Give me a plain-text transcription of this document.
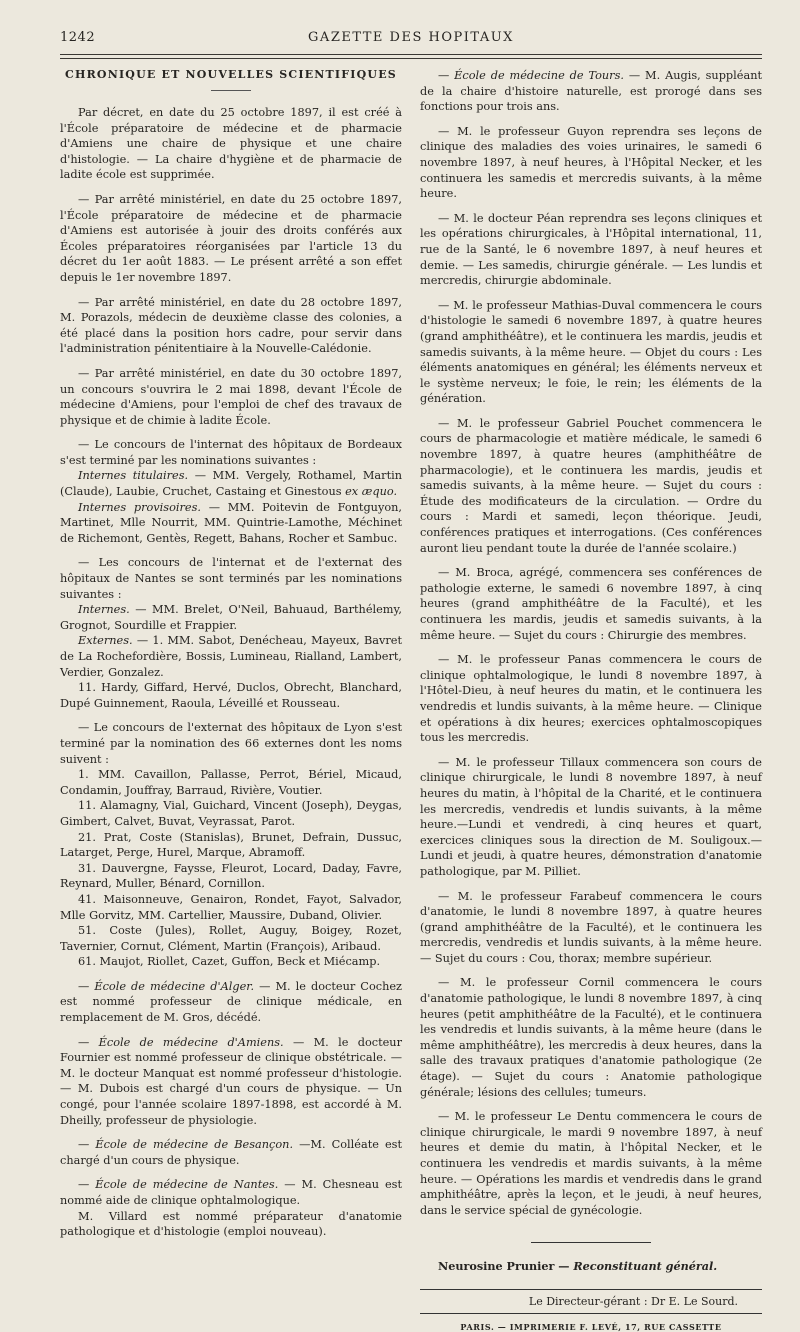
1242	GAZETTE DES HOPITAUX
CHRONIQUE ET NOUVELLES SCIENTIFIQUES

Par décret, en date du 25 octobre 1897, il est créé à l'École préparatoire de médecine et de pharmacie d'Amiens une chaire de physique et une chaire d'histologie. — La chaire d'hygiène et de pharmacie de ladite école est supprimée.

— Par arrêté ministériel, en date du 25 octobre 1897, l'École préparatoire de médecine et de pharmacie d'Amiens est autorisée à jouir des droits conférés aux Écoles préparatoires réorganisées par l'article 13 du décret du 1er août 1883. — Le présent arrêté a son effet depuis le 1er novembre 1897.

— Par arrêté ministériel, en date du 28 octobre 1897, M. Porazols, médecin de deuxième classe des colonies, a été placé dans la position hors cadre, pour servir dans l'administration pénitentiaire à la Nouvelle-Calédonie.

— Par arrêté ministériel, en date du 30 octobre 1897, un concours s'ouvrira le 2 mai 1898, devant l'École de médecine d'Amiens, pour l'emploi de chef des travaux de physique et de chimie à ladite École.

— Le concours de l'internat des hôpitaux de Bordeaux s'est terminé par les nominations suivantes :

Internes titulaires. — MM. Vergely, Rothamel, Martin (Claude), Laubie, Cruchet, Castaing et Ginestous ex æquo.

Internes provisoires. — MM. Poitevin de Fontguyon, Martinet, Mlle Nourrit, MM. Quintrie-Lamothe, Méchinet de Richemont, Gentès, Regett, Bahans, Rocher et Sambuc.

— Les concours de l'internat et de l'externat des hôpitaux de Nantes se sont terminés par les nominations suivantes :

Internes. — MM. Brelet, O'Neil, Bahuaud, Barthélemy, Grognot, Sourdille et Frappier.

Externes. — 1. MM. Sabot, Denécheau, Mayeux, Bavret de La Rochefordière, Bossis, Lumineau, Rialland, Lambert, Verdier, Gonzalez.

11. Hardy, Giffard, Hervé, Duclos, Obrecht, Blanchard, Dupé Guinnement, Raoula, Léveillé et Rousseau.

— Le concours de l'externat des hôpitaux de Lyon s'est terminé par la nomination des 66 externes dont les noms suivent :

1. MM. Cavaillon, Pallasse, Perrot, Bériel, Micaud, Condamin, Jouffray, Barraud, Rivière, Voutier.

11. Alamagny, Vial, Guichard, Vincent (Joseph), Deygas, Gimbert, Calvet, Buvat, Veyrassat, Parot.

21. Prat, Coste (Stanislas), Brunet, Defrain, Dussuc, Latarget, Perge, Hurel, Marque, Abramoff.

31. Dauvergne, Faysse, Fleurot, Locard, Daday, Favre, Reynard, Muller, Bénard, Cornillon.

41. Maisonneuve, Genairon, Rondet, Fayot, Salvador, Mlle Gorvitz, MM. Cartellier, Maussire, Duband, Olivier.

51. Coste (Jules), Rollet, Auguy, Boigey, Rozet, Tavernier, Cornut, Clément, Martin (François), Aribaud.

61. Maujot, Riollet, Cazet, Guffon, Beck et Miécamp.

— École de médecine d'Alger. — M. le docteur Cochez est nommé professeur de clinique médicale, en remplacement de M. Gros, décédé.

— École de médecine d'Amiens. — M. le docteur Fournier est nommé professeur de clinique obstétricale. — M. le docteur Manquat est nommé professeur d'histologie. — M. Dubois est chargé d'un cours de physique. — Un congé, pour l'année scolaire 1897-1898, est accordé à M. Dheilly, professeur de physiologie.

— École de médecine de Besançon. —M. Colléate est chargé d'un cours de physique.

— École de médecine de Nantes. — M. Chesneau est nommé aide de clinique ophtalmologique.

M. Villard est nommé préparateur d'anatomie pathologique et d'histologie (emploi nouveau).

— École de médecine de Tours. — M. Augis, suppléant de la chaire d'histoire naturelle, est prorogé dans ses fonctions pour trois ans.

— M. le professeur Guyon reprendra ses leçons de clinique des maladies des voies urinaires, le samedi 6 novembre 1897, à neuf heures, à l'Hôpital Necker, et les continuera les samedis et mercredis suivants, à la même heure.

— M. le docteur Péan reprendra ses leçons cliniques et les opérations chirurgicales, à l'Hôpital international, 11, rue de la Santé, le 6 novembre 1897, à neuf heures et demie. — Les samedis, chirurgie générale. — Les lundis et mercredis, chirurgie abdominale.

— M. le professeur Mathias-Duval commencera le cours d'histologie le samedi 6 novembre 1897, à quatre heures (grand amphithéâtre), et le continuera les mardis, jeudis et samedis suivants, à la même heure. — Objet du cours : Les éléments anatomiques en général; les éléments nerveux et le système nerveux; le foie, le rein; les éléments de la génération.

— M. le professeur Gabriel Pouchet commencera le cours de pharmacologie et matière médicale, le samedi 6 novembre 1897, à quatre heures (amphithéâtre de pharmacologie), et le continuera les mardis, jeudis et samedis suivants, à la même heure. — Sujet du cours : Étude des modificateurs de la circulation. — Ordre du cours : Mardi et samedi, leçon théorique. Jeudi, conférences pratiques et interrogations. (Ces conférences auront lieu pendant toute la durée de l'année scolaire.)

— M. Broca, agrégé, commencera ses conférences de pathologie externe, le samedi 6 novembre 1897, à cinq heures (grand amphithéâtre de la Faculté), et les continuera les mardis, jeudis et samedis suivants, à la même heure. — Sujet du cours : Chirurgie des membres.

— M. le professeur Panas commencera le cours de clinique ophtalmologique, le lundi 8 novembre 1897, à l'Hôtel-Dieu, à neuf heures du matin, et le continuera les vendredis et lundis suivants, à la même heure. — Clinique et opérations à dix heures; exercices ophtalmoscopiques tous les mercredis.

— M. le professeur Tillaux commencera son cours de clinique chirurgicale, le lundi 8 novembre 1897, à neuf heures du matin, à l'hôpital de la Charité, et le continuera les mercredis, vendredis et lundis suivants, à la même heure.—Lundi et vendredi, à cinq heures et quart, exercices cliniques sous la direction de M. Souligoux.— Lundi et jeudi, à quatre heures, démonstration d'anatomie pathologique, par M. Pilliet.

— M. le professeur Farabeuf commencera le cours d'anatomie, le lundi 8 novembre 1897, à quatre heures (grand amphithéâtre de la Faculté), et le continuera les mercredis, vendredis et lundis suivants, à la même heure. — Sujet du cours : Cou, thorax; membre supérieur.

— M. le professeur Cornil commencera le cours d'anatomie pathologique, le lundi 8 novembre 1897, à cinq heures (petit amphithéâtre de la Faculté), et le continuera les vendredis et lundis suivants, à la même heure (dans le même amphithéâtre), les mercredis à deux heures, dans la salle des travaux pratiques d'anatomie pathologique (2e étage). — Sujet du cours : Anatomie pathologique générale; lésions des cellules; tumeurs.

— M. le professeur Le Dentu commencera le cours de clinique chirurgicale, le mardi 9 novembre 1897, à neuf heures et demie du matin, à l'hôpital Necker, et le continuera les vendredis et mardis suivants, à la même heure. — Opérations les mardis et vendredis dans le grand amphithéâtre, après la leçon, et le jeudi, à neuf heures, dans le service spécial de gynécologie.

Neurosine Prunier — Reconstituant général.

Le Directeur-gérant : Dr E. Le Sourd.

PARIS. — IMPRIMERIE F. LEVÉ, 17, RUE CASSETTE
